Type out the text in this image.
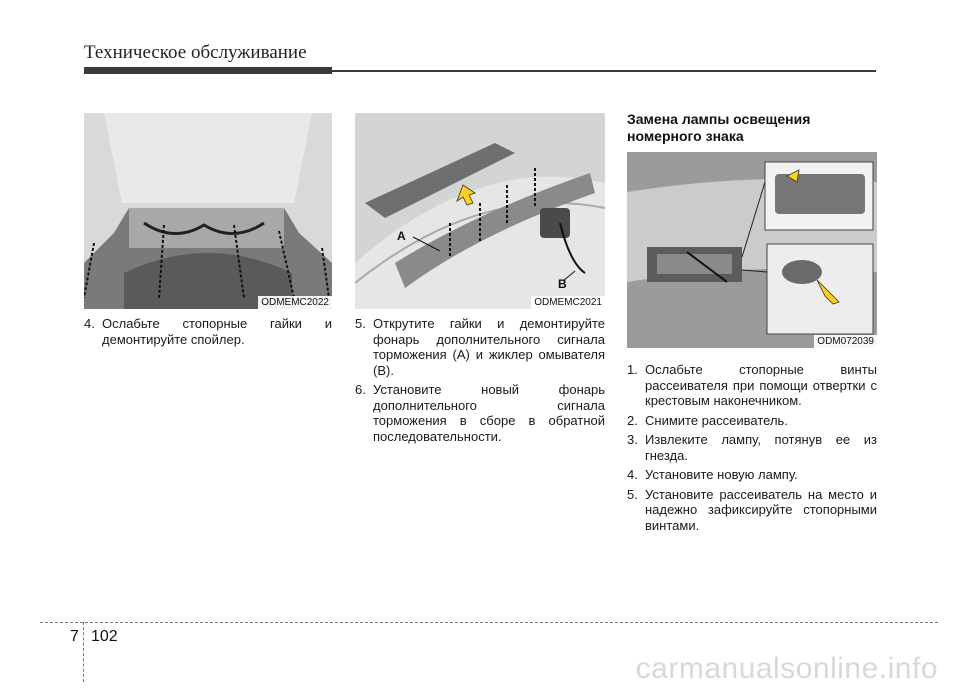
Техническое обслуживание
ODMEMC2022
A
B
ODMEMC2021
ODM072039
4. Ослабьте стопорные гайки и демонтируйте спойлер.
5. Открутите гайки и демонтируйте фонарь дополнительного сигнала торможения (A) и жиклер омывателя (B).
6. Установите новый фонарь дополнительного сигнала торможения в сборе в обратной последовательности.
Замена лампы освещения номерного знака
1. Ослабьте стопорные винты рассеивателя при помощи отвертки с крестовым наконечником.
2. Снимите рассеиватель.
3. Извлеките лампу, потянув ее из гнезда.
4. Установите новую лампу.
5. Установите рассеиватель на место и надежно зафиксируйте стопорными винтами.
7 102
carmanualsonline.info
